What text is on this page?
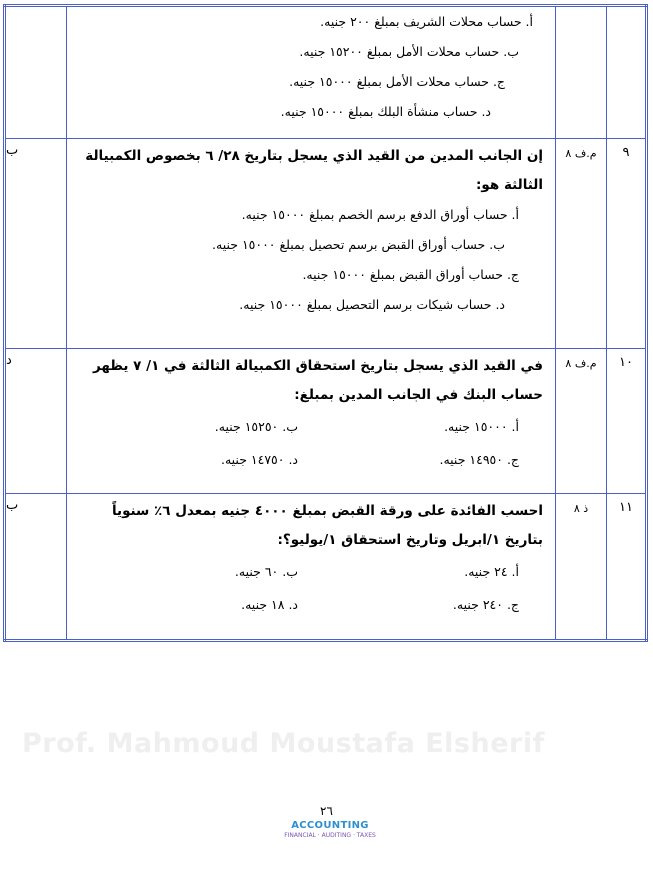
		أ. حساب محلات الشريف بمبلغ ٢٠٠ جنيه.
ب. حساب محلات الأمل بمبلغ ١٥٢٠٠ جنيه.
ج. حساب محلات الأمل بمبلغ ١٥٠٠٠ جنيه.
د. حساب منشأة البلك بمبلغ ١٥٠٠٠ جنيه.	

٩	م.ف ٨	إن الجانب المدين من القيد الذي يسجل بتاريخ ٢٨/ ٦ بخصوص الكمبيالة الثالثة هو:
أ. حساب أوراق الدفع برسم الخصم بمبلغ ١٥٠٠٠ جنيه.
ب. حساب أوراق القبض برسم تحصيل بمبلغ ١٥٠٠٠ جنيه.
ج. حساب أوراق القبض بمبلغ ١٥٠٠٠ جنيه.
د. حساب شيكات برسم التحصيل بمبلغ ١٥٠٠٠ جنيه.	ب
١٠	م.ف ٨	في القيد الذي يسجل بتاريخ استحقاق الكمبيالة الثالثة في ١/ ٧ يظهر حساب البنك في الجانب المدين بمبلغ:
أ. ١٥٠٠٠ جنيه.
ب. ١٥٢٥٠ جنيه.
ج. ١٤٩٥٠ جنيه.
د. ١٤٧٥٠ جنيه.	د
١١	ذ ٨	احسب الفائدة على ورقة القبض بمبلغ ٤٠٠٠ جنيه بمعدل ٦٪ سنوياً بتاريخ ١/ابريل وتاريخ استحقاق ١/يوليو؟:
أ. ٢٤ جنيه.
ب. ٦٠ جنيه.
ج. ٢٤٠ جنيه.
د. ١٨ جنيه.	ب
Prof. Mahmoud Moustafa Elsherif
٢٦
ACCOUNTING
FINANCIAL · AUDITING · TAXES
